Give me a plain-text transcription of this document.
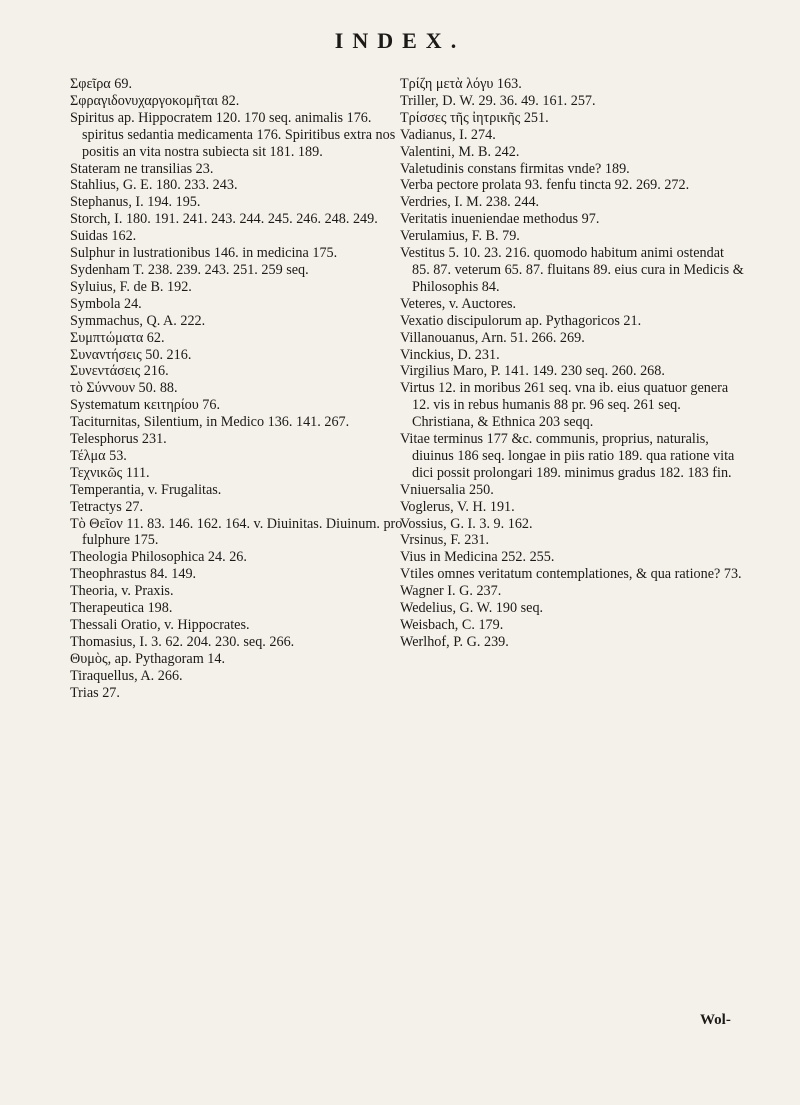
INDEX.
Σφεῖρα 69.
Σφραγιδονυχαργοκομῆται 82.
Spiritus ap. Hippocratem 120. 170 seq. animalis 176. spiritus sedantia medicamenta 176. Spiritibus extra nos positis an vita nostra subiecta sit 181. 189.
Stateram ne transilias 23.
Stahlius, G. E. 180. 233. 243.
Stephanus, I. 194. 195.
Storch, I. 180. 191. 241. 243. 244. 245. 246. 248. 249.
Suidas 162.
Sulphur in lustrationibus 146. in medicina 175.
Sydenham T. 238. 239. 243. 251. 259 seq.
Syluius, F. de B. 192.
Symbola 24.
Symmachus, Q. A. 222.
Συμπτώματα 62.
Συναντήσεις 50. 216.
Συνεντάσεις 216.
τὸ Σύννουν 50. 88.
Systematum κειτηρίου 76.
Taciturnitas, Silentium, in Medico 136. 141. 267.
Telesphorus 231.
Τέλμα 53.
Τεχνικῶς 111.
Temperantia, v. Frugalitas.
Tetractys 27.
Τὸ Θεῖον 11. 83. 146. 162. 164. v. Diuinitas. Diuinum. pro fulphure 175.
Theologia Philosophica 24. 26.
Theophrastus 84. 149.
Theoria, v. Praxis.
Therapeutica 198.
Thessali Oratio, v. Hippocrates.
Thomasius, I. 3. 62. 204. 230. seq. 266.
Θυμὸς, ap. Pythagoram 14.
Tiraquellus, A. 266.
Trias 27.
Τρίζη μετὰ λόγυ 163.
Triller, D. W. 29. 36. 49. 161. 257.
Τρίσσες τῆς ἰητρικῆς 251.
Vadianus, I. 274.
Valentini, M. B. 242.
Valetudinis constans firmitas vnde? 189.
Verba pectore prolata 93. fenfu tincta 92. 269. 272.
Verdries, I. M. 238. 244.
Veritatis inueniendae methodus 97.
Verulamius, F. B. 79.
Vestitus 5. 10. 23. 216. quomodo habitum animi ostendat 85. 87. veterum 65. 87. fluitans 89. eius cura in Medicis & Philosophis 84.
Veteres, v. Auctores.
Vexatio discipulorum ap. Pythagoricos 21.
Villanouanus, Arn. 51. 266. 269.
Vinckius, D. 231.
Virgilius Maro, P. 141. 149. 230 seq. 260. 268.
Virtus 12. in moribus 261 seq. vna ib. eius quatuor genera 12. vis in rebus humanis 88 pr. 96 seq. 261 seq. Christiana, & Ethnica 203 seqq.
Vitae terminus 177 &c. communis, proprius, naturalis, diuinus 186 seq. longae in piis ratio 189. qua ratione vita dici possit prolongari 189. minimus gradus 182. 183 fin.
Vniuersalia 250.
Voglerus, V. H. 191.
Vossius, G. I. 3. 9. 162.
Vrsinus, F. 231.
Vius in Medicina 252. 255.
Vtiles omnes veritatum contemplationes, & qua ratione? 73.
Wagner I. G. 237.
Wedelius, G. W. 190 seq.
Weisbach, C. 179.
Werlhof, P. G. 239.
Wol-
